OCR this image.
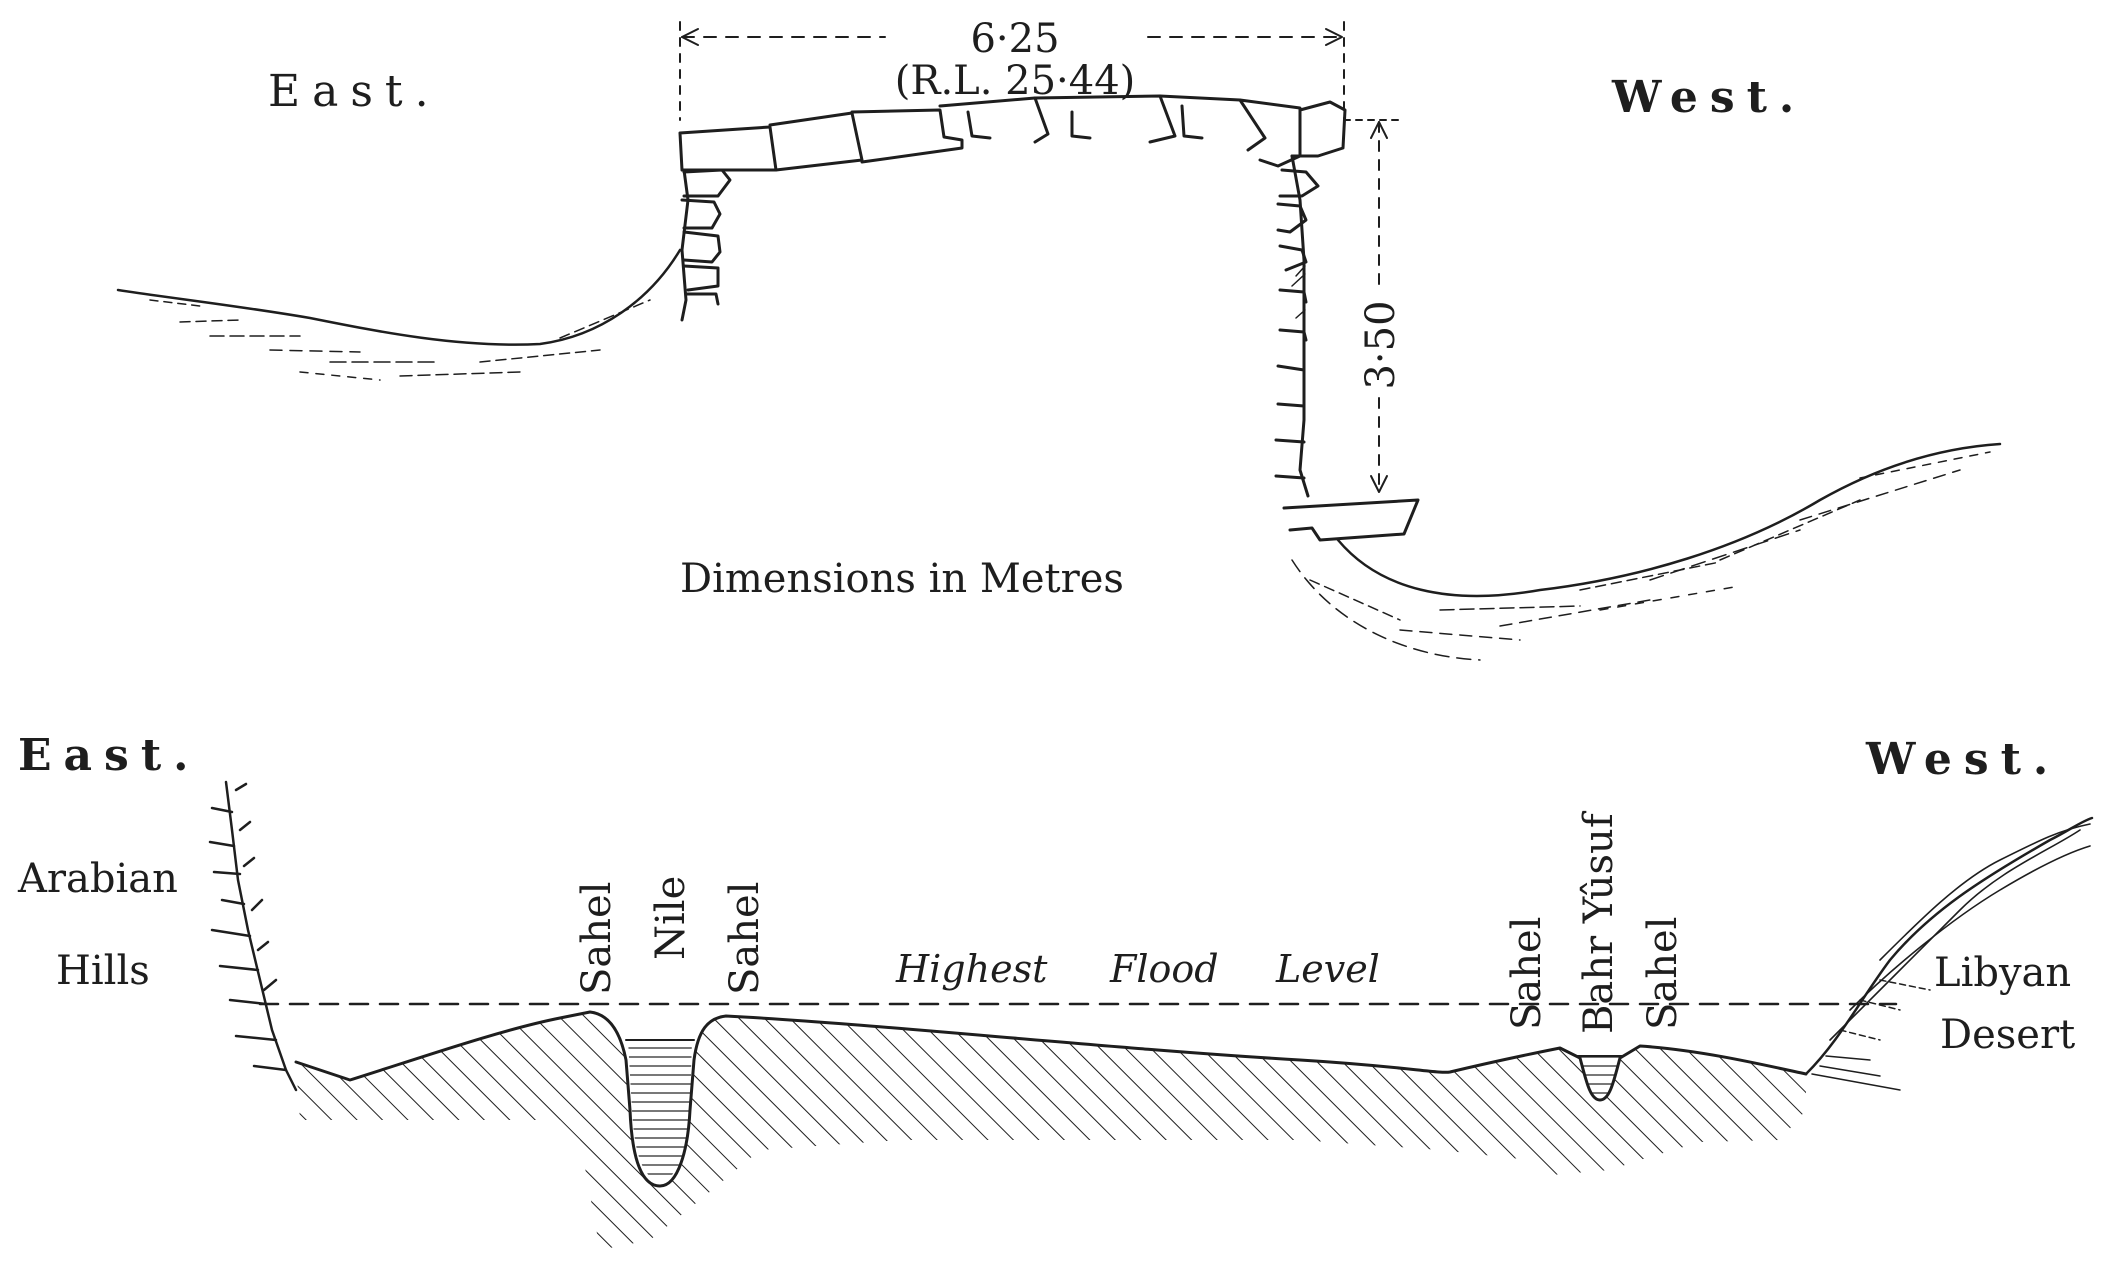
East.	West.
6·25
(R.L. 25·44)
3·50
Dimensions in Metres
East.	West.
Arabian
Hills	Libyan
Desert
Highest Flood Level
Sahel Nile Sahel	Sahel Bahr Yûsuf Sahel
